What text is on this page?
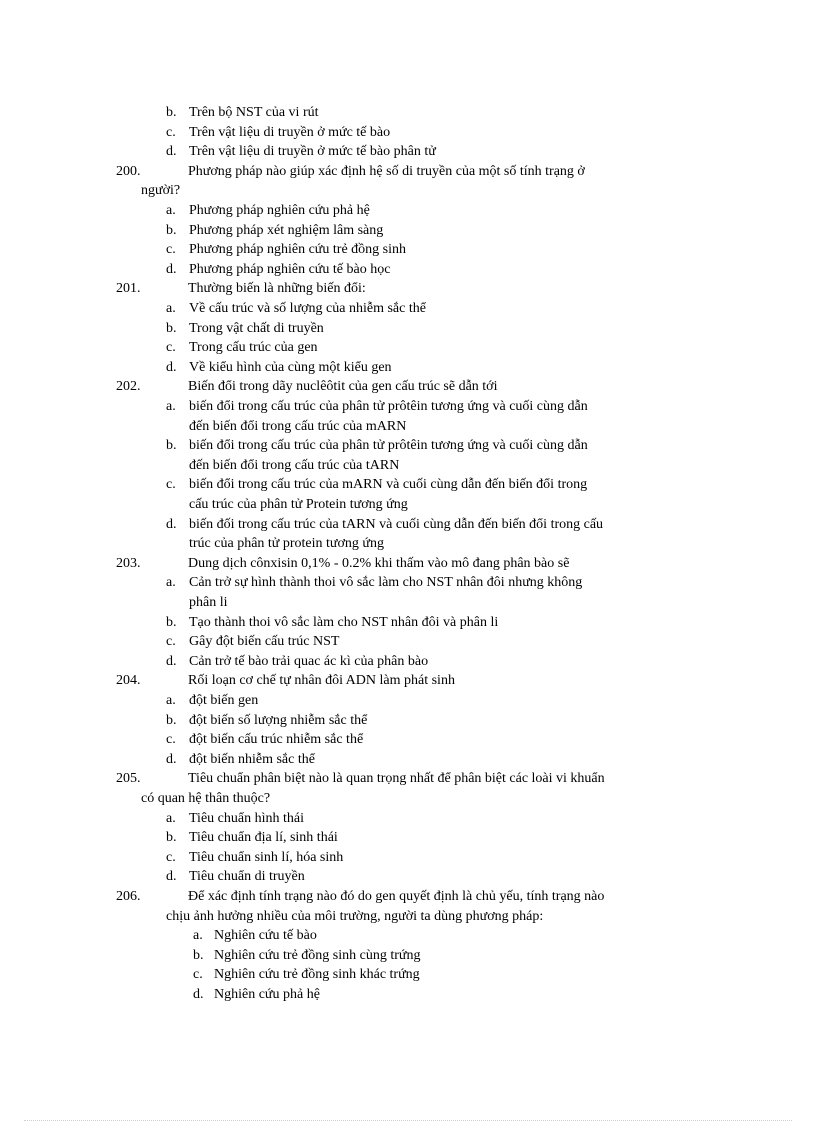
b. Trên bộ NST của vi rút
c. Trên vật liệu di truyền ở mức tế bào
d. Trên vật liệu di truyền ở mức tế bào phân tử
200.	Phương pháp nào giúp xác định hệ số di truyền của một số tính trạng ở
người?
a. Phương pháp nghiên cứu phả hệ
b. Phương pháp xét nghiệm lâm sàng
c. Phương pháp nghiên cứu trẻ đồng sinh
d. Phương pháp nghiên cứu tế bào học
201.	Thường biến là những biến đổi:
a. Về cấu trúc và số lượng của nhiễm sắc thể
b. Trong vật chất di truyền
c. Trong cấu trúc của gen
d. Về kiểu hình của cùng một kiểu gen
202.	Biến đổi trong dãy nuclêôtit của gen cấu trúc sẽ dẫn tới
a. biến đổi trong cấu trúc của phân tử prôtêin tương ứng và cuối cùng dẫn
đến biến đổi trong cấu trúc của mARN
b. biến đổi trong cấu trúc của phân tử prôtêin tương ứng và cuối cùng dẫn
đến biến đổi trong cấu trúc của tARN
c. biến đổi trong cấu trúc của mARN và cuối cùng dẫn đến biến đổi trong
cấu trúc của phân tử Protein tương ứng
d. biến đối trong cấu trúc của tARN và cuối cùng dẫn đến biến đổi trong cấu
trúc của phân tử protein tương ứng
203.	Dung dịch cônxisin 0,1% - 0.2% khi thấm vào mô đang phân bào sẽ
a. Cản trở sự hình thành thoi vô sắc làm cho NST nhân đôi nhưng không
phân li
b. Tạo thành thoi vô sắc làm cho NST nhân đôi và phân li
c. Gây đột biến cấu trúc NST
d. Cản trở tế bào trải quac ác kì của phân bào
204.	Rối loạn cơ chế tự nhân đôi ADN làm phát sinh
a. đột biến gen
b. đột biến số lượng nhiễm sắc thể
c. đột biến cấu trúc nhiễm sắc thể
d. đột biến nhiễm sắc thể
205.	Tiêu chuẩn phân biệt nào là quan trọng nhất để phân biệt các loài vi khuẩn
có quan hệ thân thuộc?
a. Tiêu chuẩn hình thái
b. Tiêu chuẩn địa lí, sinh thái
c. Tiêu chuẩn sinh lí, hóa sinh
d. Tiêu chuẩn di truyền
206.	Để xác định tính trạng nào đó do gen quyết định là chủ yếu, tính trạng nào
chịu ảnh hưởng nhiều của môi trường, người ta dùng phương pháp:
a. Nghiên cứu tế bào
b. Nghiên cứu trẻ đồng sinh cùng trứng
c. Nghiên cứu trẻ đồng sinh khác trứng
d. Nghiên cứu phả hệ
